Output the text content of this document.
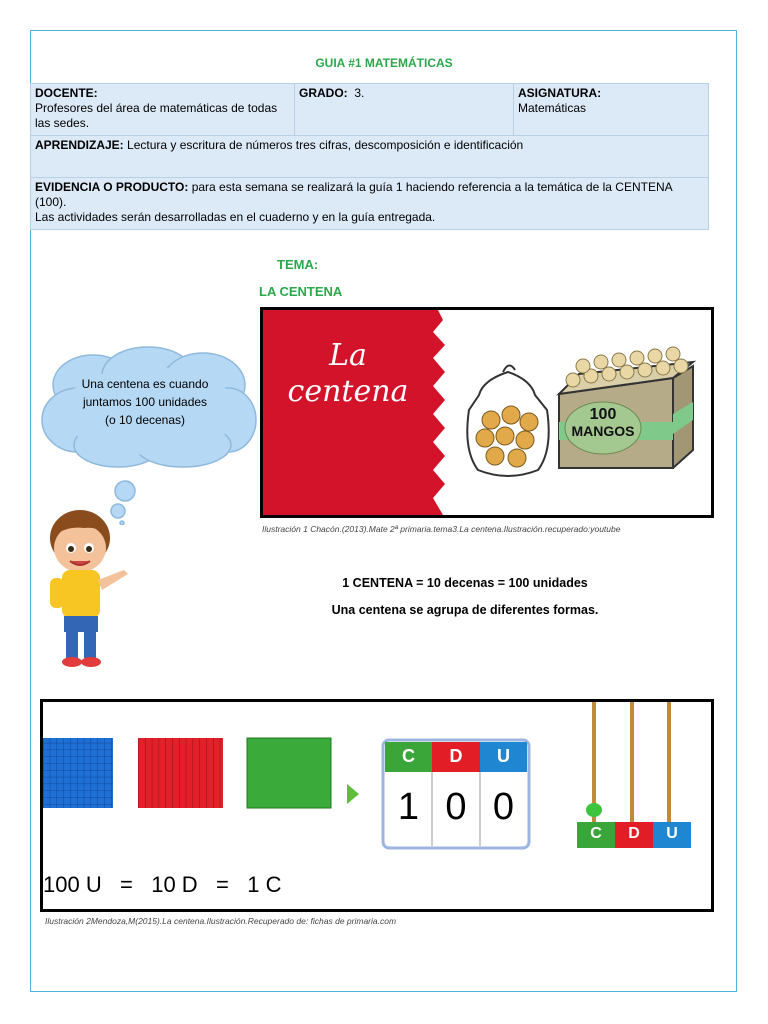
GUIA #1 MATEMÁTICAS
DOCENTE:
Profesores del área de matemáticas de todas las sedes.
	GRADO: 3.	ASIGNATURA:
Matemáticas

APRENDIZAJE: Lectura y escritura de números tres cifras, descomposición e identificación
EVIDENCIA O PRODUCTO: para esta semana se realizará la guía 1 haciendo referencia a la temática de la CENTENA (100).
Las actividades serán desarrolladas en el cuaderno y en la guía entregada.
TEMA:
LA CENTENA
Una centena es cuando juntamos 100 unidades (o 10 decenas)
La
centena
100
MANGOS
Ilustración 1 Chacón.(2013).Mate 2ª primaria.tema3.La centena.Ilustración.recuperado:youtube
1 CENTENA = 10 decenas = 100 unidades
Una centena se agrupa de diferentes formas.
C	D	U
1 0 0
C	D	U
100 U   =   10 D   =   1 C
Ilustración 2Mendoza,M(2015).La centena.Ilustración.Recuperado de: fichas de primaria.com
